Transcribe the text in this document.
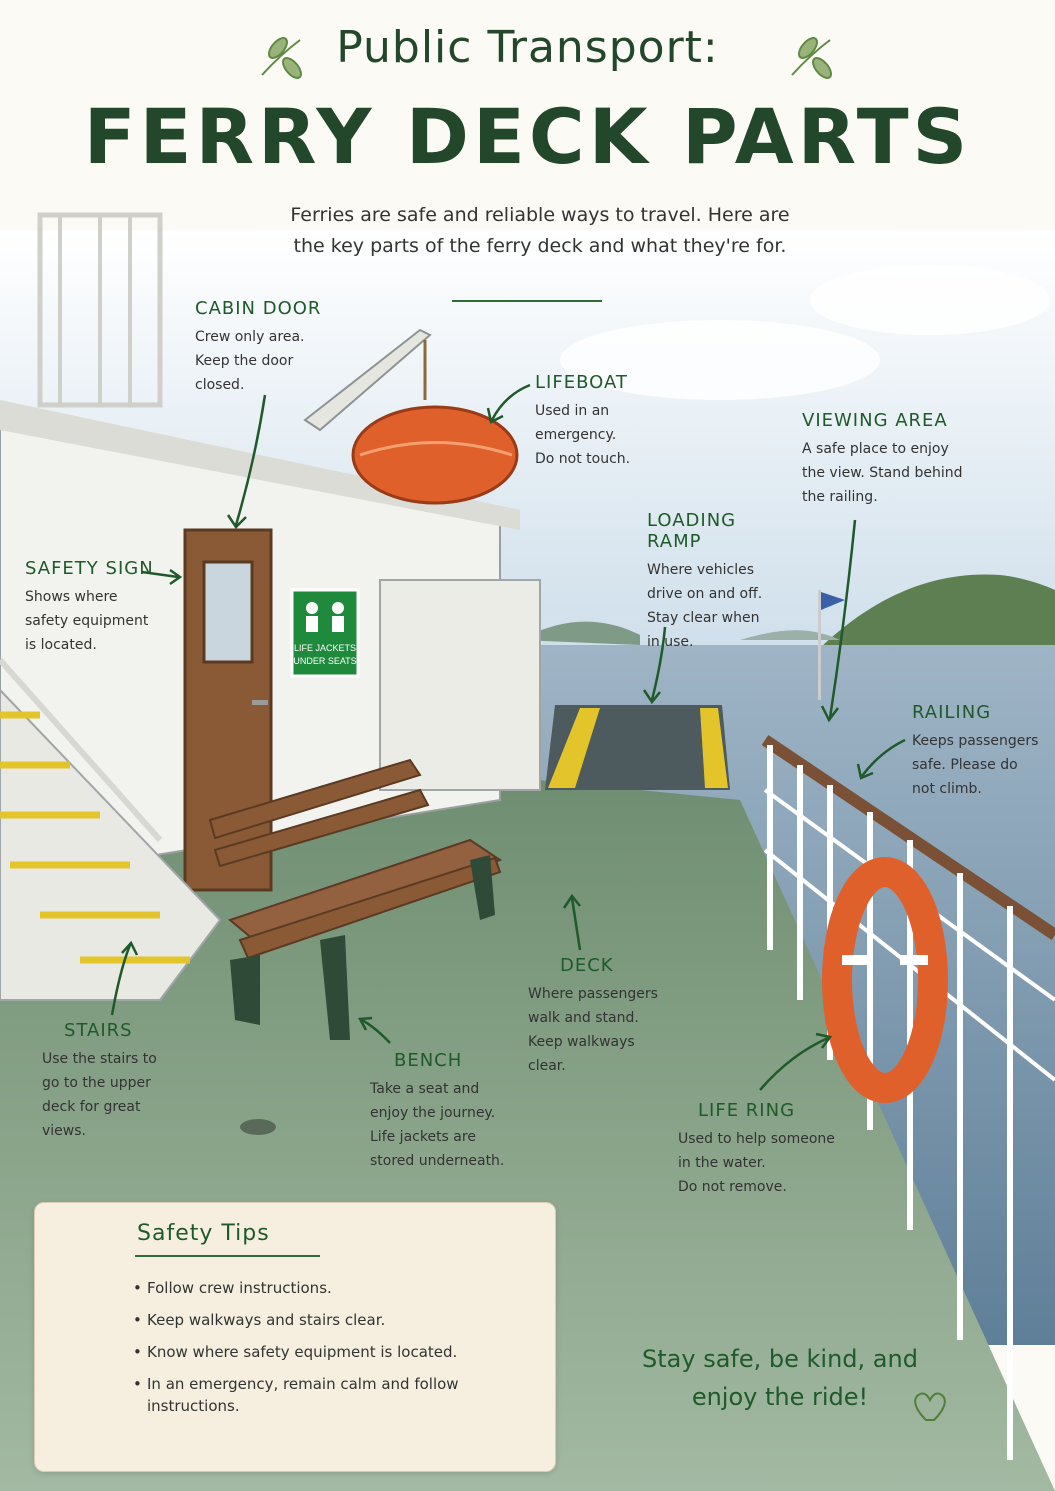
LIFE JACKETS
UNDER SEATS
Public Transport:
FERRY DECK PARTS
Ferries are safe and reliable ways to travel. Here are the key parts of the ferry deck and what they're for.
CABIN DOOR
Crew only area.
Keep the door
closed.	LIFEBOAT
Used in an
emergency.
Do not touch.
VIEWING AREA
A safe place to enjoy
the view. Stand behind
the railing.
LOADING RAMP
Where vehicles
drive on and off.
Stay clear when
in use.
SAFETY SIGN
Shows where
safety equipment
is located.
RAILING
Keeps passengers
safe. Please do
not climb.
DECK
Where passengers
walk and stand.
Keep walkways
clear.
STAIRS
Use the stairs to
go to the upper
deck for great
views.
BENCH
Take a seat and
enjoy the journey.
Life jackets are
stored underneath.
LIFE RING
Used to help someone
in the water.
Do not remove.
Safety Tips
• Follow crew instructions.
• Keep walkways and stairs clear.
• Know where safety equipment is located.
• In an emergency, remain calm and follow instructions.
Stay safe, be kind, and enjoy the ride!
